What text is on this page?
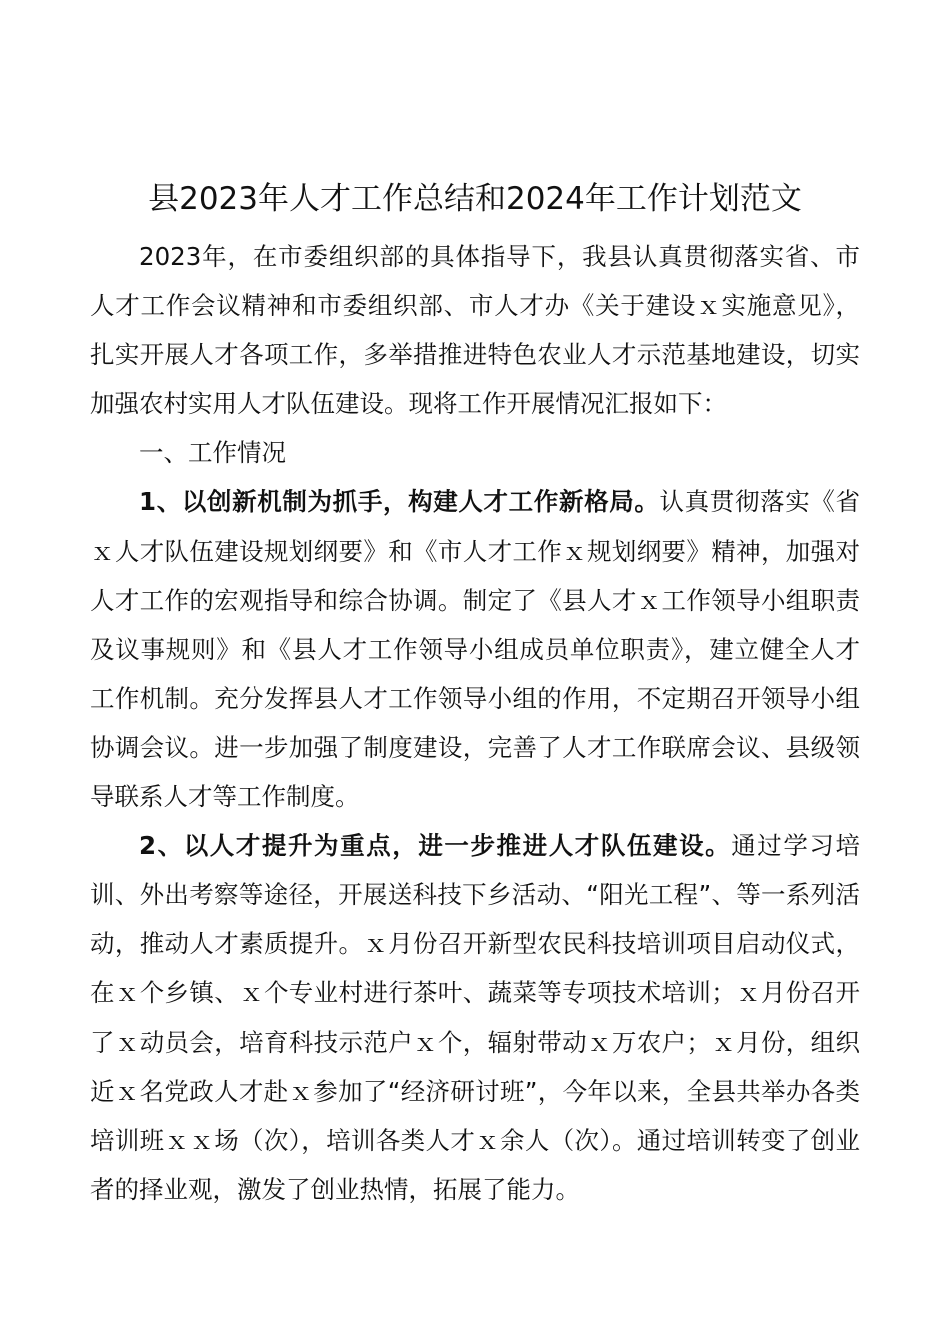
县2023年人才工作总结和2024年工作计划范文

2023年，在市委组织部的具体指导下，我县认真贯彻落实省、市人才工作会议精神和市委组织部、市人才办《关于建设ｘ实施意见》，扎实开展人才各项工作，多举措推进特色农业人才示范基地建设，切实加强农村实用人才队伍建设。现将工作开展情况汇报如下：

一、工作情况

1、以创新机制为抓手，构建人才工作新格局。认真贯彻落实《省ｘ人才队伍建设规划纲要》和《市人才工作ｘ规划纲要》精神，加强对人才工作的宏观指导和综合协调。制定了《县人才ｘ工作领导小组职责及议事规则》和《县人才工作领导小组成员单位职责》，建立健全人才工作机制。充分发挥县人才工作领导小组的作用，不定期召开领导小组协调会议。进一步加强了制度建设，完善了人才工作联席会议、县级领导联系人才等工作制度。

2、以人才提升为重点，进一步推进人才队伍建设。通过学习培训、外出考察等途径，开展送科技下乡活动、“阳光工程”、等一系列活动，推动人才素质提升。ｘ月份召开新型农民科技培训项目启动仪式，在ｘ个乡镇、ｘ个专业村进行茶叶、蔬菜等专项技术培训；ｘ月份召开了ｘ动员会，培育科技示范户ｘ个，辐射带动ｘ万农户；ｘ月份，组织近ｘ名党政人才赴ｘ参加了“经济研讨班”，今年以来，全县共举办各类培训班ｘｘ场（次），培训各类人才ｘ余人（次）。通过培训转变了创业者的择业观，激发了创业热情，拓展了能力。
